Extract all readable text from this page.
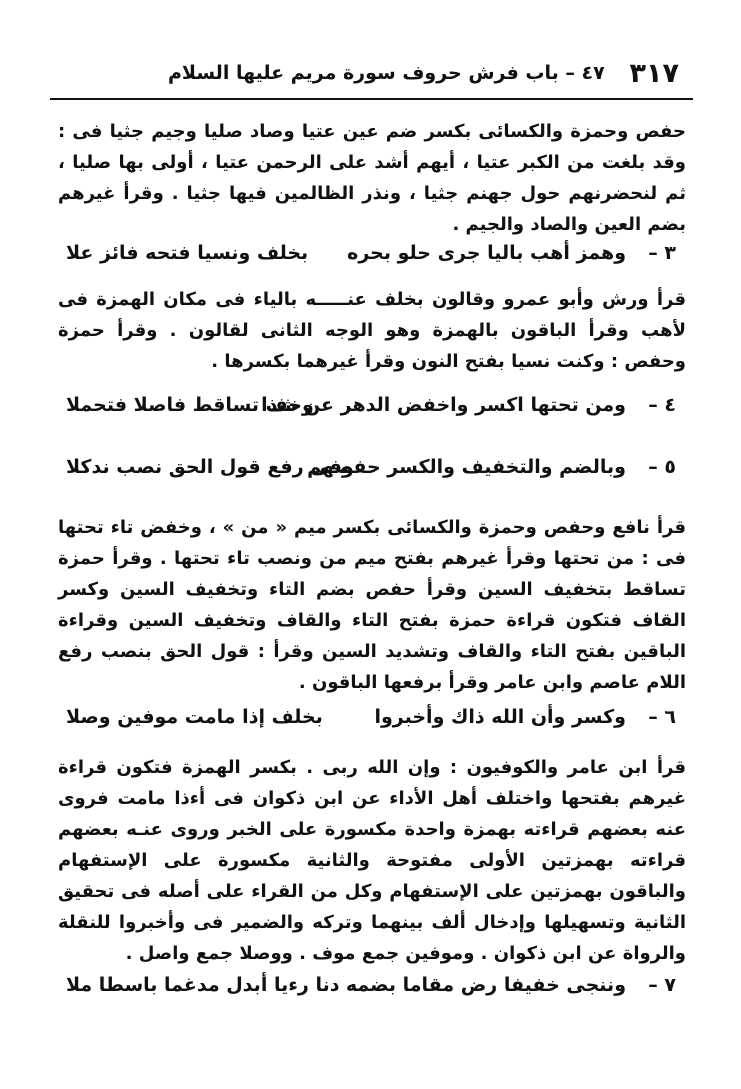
٣١٧
٤٧ – باب فرش حروف سورة مريم عليها السلام

حفص وحمزة والكسائى بكسر ضم عين عتيا وصاد صليا وجيم جثيا فى : وقد بلغت من الكبر عتيا ، أيهم أشد على الرحمن عتيا ، أولى بها صليا ، ثم لنحضرنهم حول جهنم جثيا ، ونذر الظالمين فيها جثيا . وقرأ غيرهم بضم العين والصاد والجيم .

٣ –
وهمز أهب باليا جرى حلو بحره
بخلف ونسيا فتحه فائز علا

قرأ ورش وأبو عمرو وقالون بخلف عنـــــه بالياء فى مكان الهمزة فى لأهب وقرأ الباقون بالهمزة وهو الوجه الثانى لقالون . وقرأ حمزة وحفص : وكنت نسيا بفتح النون وقرأ غيرهما بكسرها .

٤ –
ومن تحتها اكسر واخفض الدهر عن شذا
وخف تساقط فاصلا فتحملا
٥ –
وبالضم والتخفيف والكسر حفصهم
وفى رفع قول الحق نصب ندكلا

قرأ نافع وحفص وحمزة والكسائى بكسر ميم « من » ، وخفض تاء تحتها فى : من تحتها وقرأ غيرهم بفتح ميم من ونصب تاء تحتها . وقرأ حمزة تساقط بتخفيف السين وقرأ حفص بضم التاء وتخفيف السين وكسر القاف فتكون قراءة حمزة بفتح التاء والقاف وتخفيف السين وقراءة الباقين بفتح التاء والقاف وتشديد السين وقرأ : قول الحق بنصب رفع اللام عاصم وابن عامر وقرأ برفعها الباقون .

٦ –
وكسر وأن الله ذاك وأخبروا
بخلف إذا مامت موفين وصلا

قرأ ابن عامر والكوفيون : وإن الله ربى . بكسر الهمزة فتكون قراءة غيرهم بفتحها واختلف أهل الأداء عن ابن ذكوان فى أءذا مامت فروى عنه بعضهم قراءته بهمزة واحدة مكسورة على الخبر وروى عنـه بعضهم قراءته بهمزتين الأولى مفتوحة والثانية مكسورة على الإستفهام والباقون بهمزتين على الإستفهام وكل من القراء على أصله فى تحقيق الثانية وتسهيلها وإدخال ألف بينهما وتركه والضمير فى وأخبروا للنقلة والرواة عن ابن ذكوان . وموفين جمع موف . ووصلا جمع واصل .

٧ –
وننجى خفيفا رض مقاما بضمه
دنا رءيا أبدل مدغما باسطا ملا
